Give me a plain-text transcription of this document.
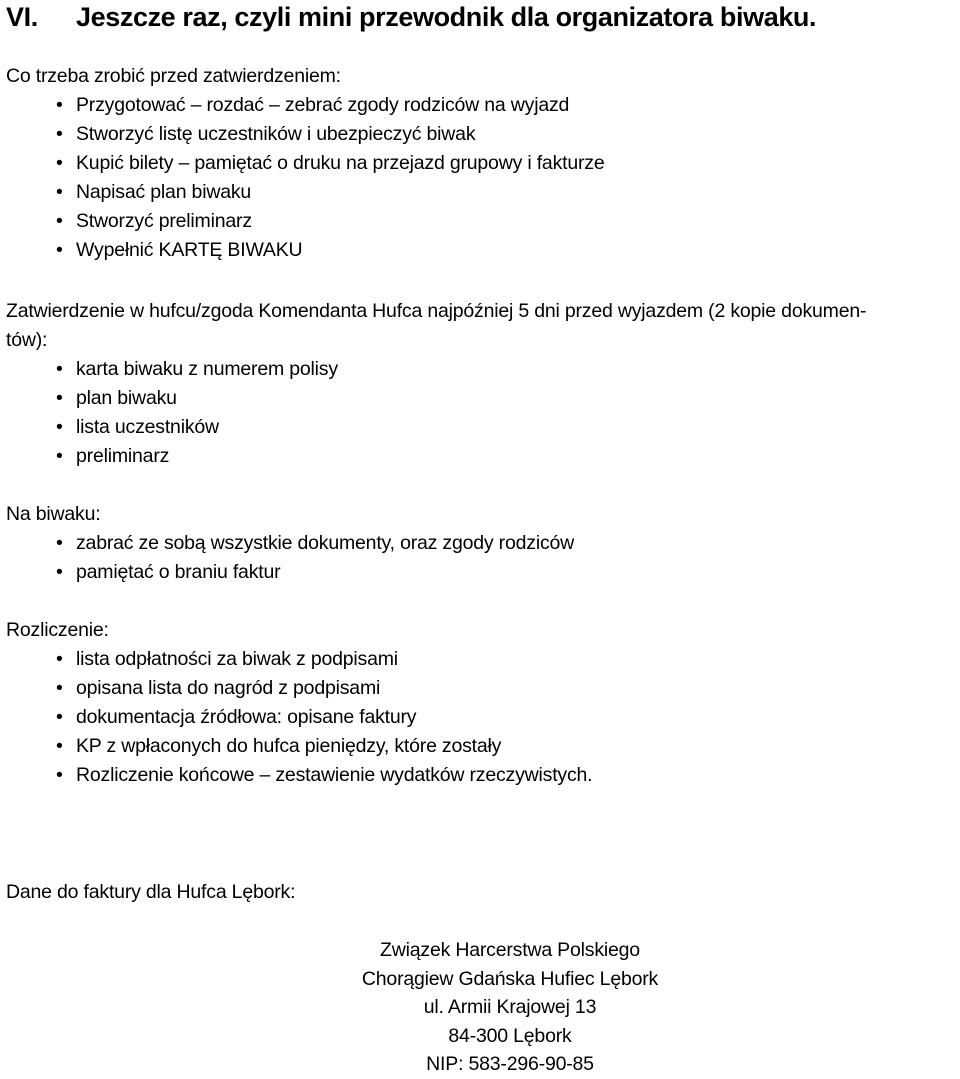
VI. Jeszcze raz, czyli mini przewodnik dla organizatora biwaku.
Co trzeba zrobić przed zatwierdzeniem:
• Przygotować – rozdać – zebrać zgody rodziców na wyjazd
• Stworzyć listę uczestników i ubezpieczyć biwak
• Kupić bilety – pamiętać o druku na przejazd grupowy i fakturze
• Napisać plan biwaku
• Stworzyć preliminarz
• Wypełnić KARTĘ BIWAKU
Zatwierdzenie w hufcu/zgoda Komendanta Hufca najpóźniej 5 dni przed wyjazdem (2 kopie dokumen-
tów):
• karta biwaku z numerem polisy
• plan biwaku
• lista uczestników
• preliminarz
Na biwaku:
• zabrać ze sobą wszystkie dokumenty, oraz zgody rodziców
• pamiętać o braniu faktur
Rozliczenie:
• lista odpłatności za biwak z podpisami
• opisana lista do nagród z podpisami
• dokumentacja źródłowa: opisane faktury
• KP z wpłaconych do hufca pieniędzy, które zostały
• Rozliczenie końcowe – zestawienie wydatków rzeczywistych.
Dane do faktury dla Hufca Lębork:
Związek Harcerstwa Polskiego
Chorągiew Gdańska Hufiec Lębork
ul. Armii Krajowej 13
84-300 Lębork
NIP: 583-296-90-85
